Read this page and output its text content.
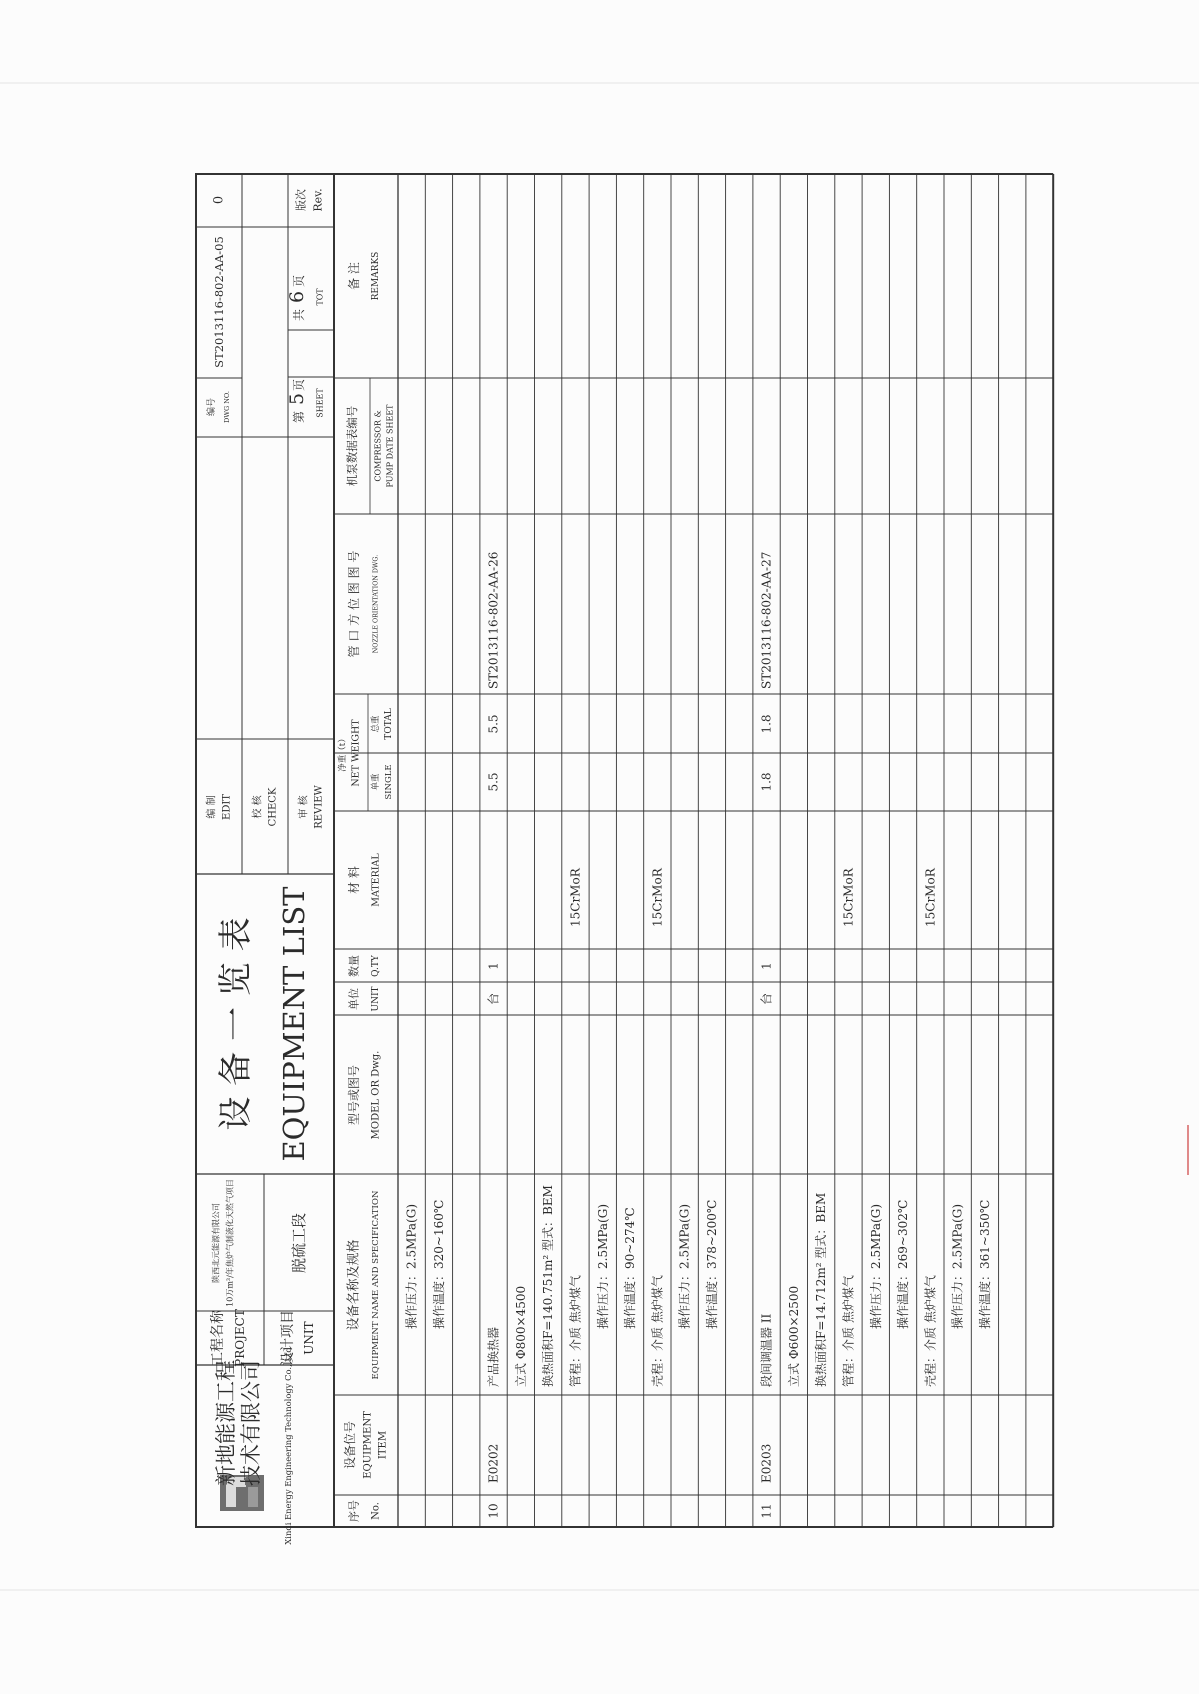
新地能源工程 技术有限公司 Xindi Energy Engineering Technology Co., Ltd
工程名称 PROJECT
陕西北元能源有限公司 10万m³/年焦炉气制液化天然气项目
设计项目 UNIT
脱硫工段
设 备 一 览 表 EQUIPMENT LIST
编 制 EDIT 校 核 CHECK 审 核 REVIEW
编号 DWG NO.
ST2013116-802-AA-05
0	版次 Rev.
第
5
页
SHEET
共
6
页
TOT
序号 No.
设备位号 EQUIPMENT ITEM
设备名称及规格 EQUIPMENT NAME AND SPECIFICATION
型号或图号 MODEL OR Dwg.
单位 UNIT
数量 Q.TY
材 料 MATERIAL
净重（t） NET WEIGHT 单重 SINGLE
总重 TOTAL
管 口 方 位 图 图 号 NOZZLE ORIENTATION DWG.
机泵数据表编号 COMPRESSOR & PUMP DATE SHEET
备 注 REMARKS
操作压力：2.5MPa(G) 操作温度：320~160℃
10
E0202
产品换热器
台
1
5.5
5.5
ST2013116-802-AA-26
立式 Φ800×4500 换热面积F=140.751m² 型式：BEM 管程：介质 焦炉煤气
15CrMoR
操作压力：2.5MPa(G) 操作温度：90~274℃
壳程：介质 焦炉煤气
15CrMoR
操作压力：2.5MPa(G) 操作温度：378~200℃
11
E0203
段间调温器 II
台
1
1.8
1.8
ST2013116-802-AA-27
立式 Φ600×2500 换热面积F=14.712m² 型式：BEM 管程：介质 焦炉煤气
15CrMoR
操作压力：2.5MPa(G) 操作温度：269~302℃
壳程：介质 焦炉煤气
15CrMoR
操作压力：2.5MPa(G) 操作温度：361~350℃
